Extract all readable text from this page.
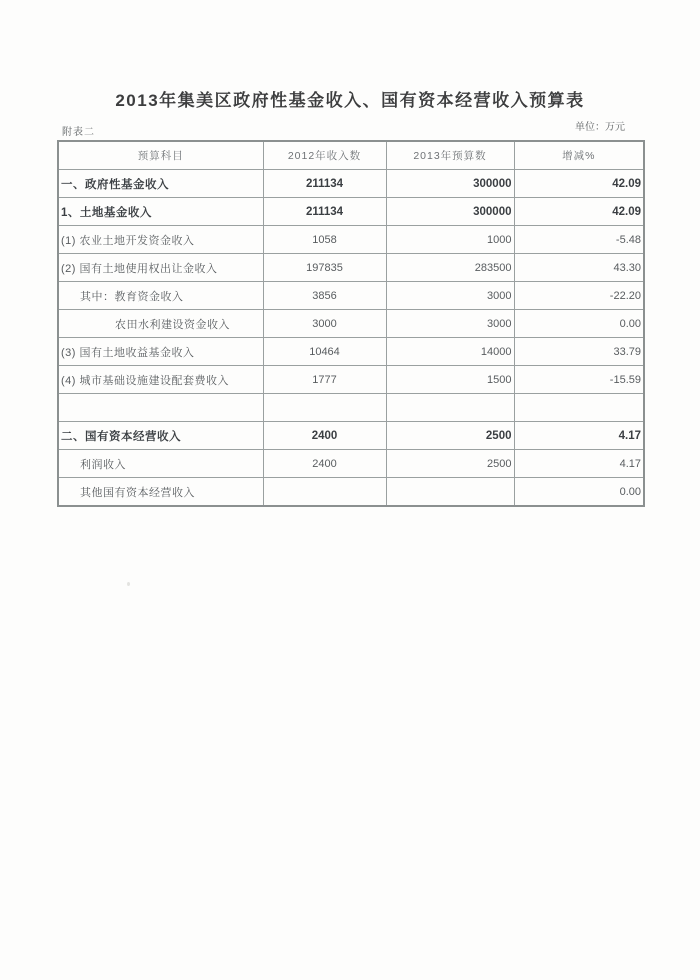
2013年集美区政府性基金收入、国有资本经营收入预算表
附表二	单位：万元
预算科目	2012年收入数	2013年预算数	增减%
一、政府性基金收入	211134	300000	42.09
1、土地基金收入	211134	300000	42.09
(1) 农业土地开发资金收入	1058	1000	-5.48
(2) 国有土地使用权出让金收入	197835	283500	43.30
其中：教育资金收入	3856	3000	-22.20
农田水利建设资金收入	3000	3000	0.00
(3) 国有土地收益基金收入	10464	14000	33.79
(4) 城市基础设施建设配套费收入	1777	1500	-15.59

二、国有资本经营收入	2400	2500	4.17
利润收入	2400	2500	4.17
其他国有资本经营收入			0.00
